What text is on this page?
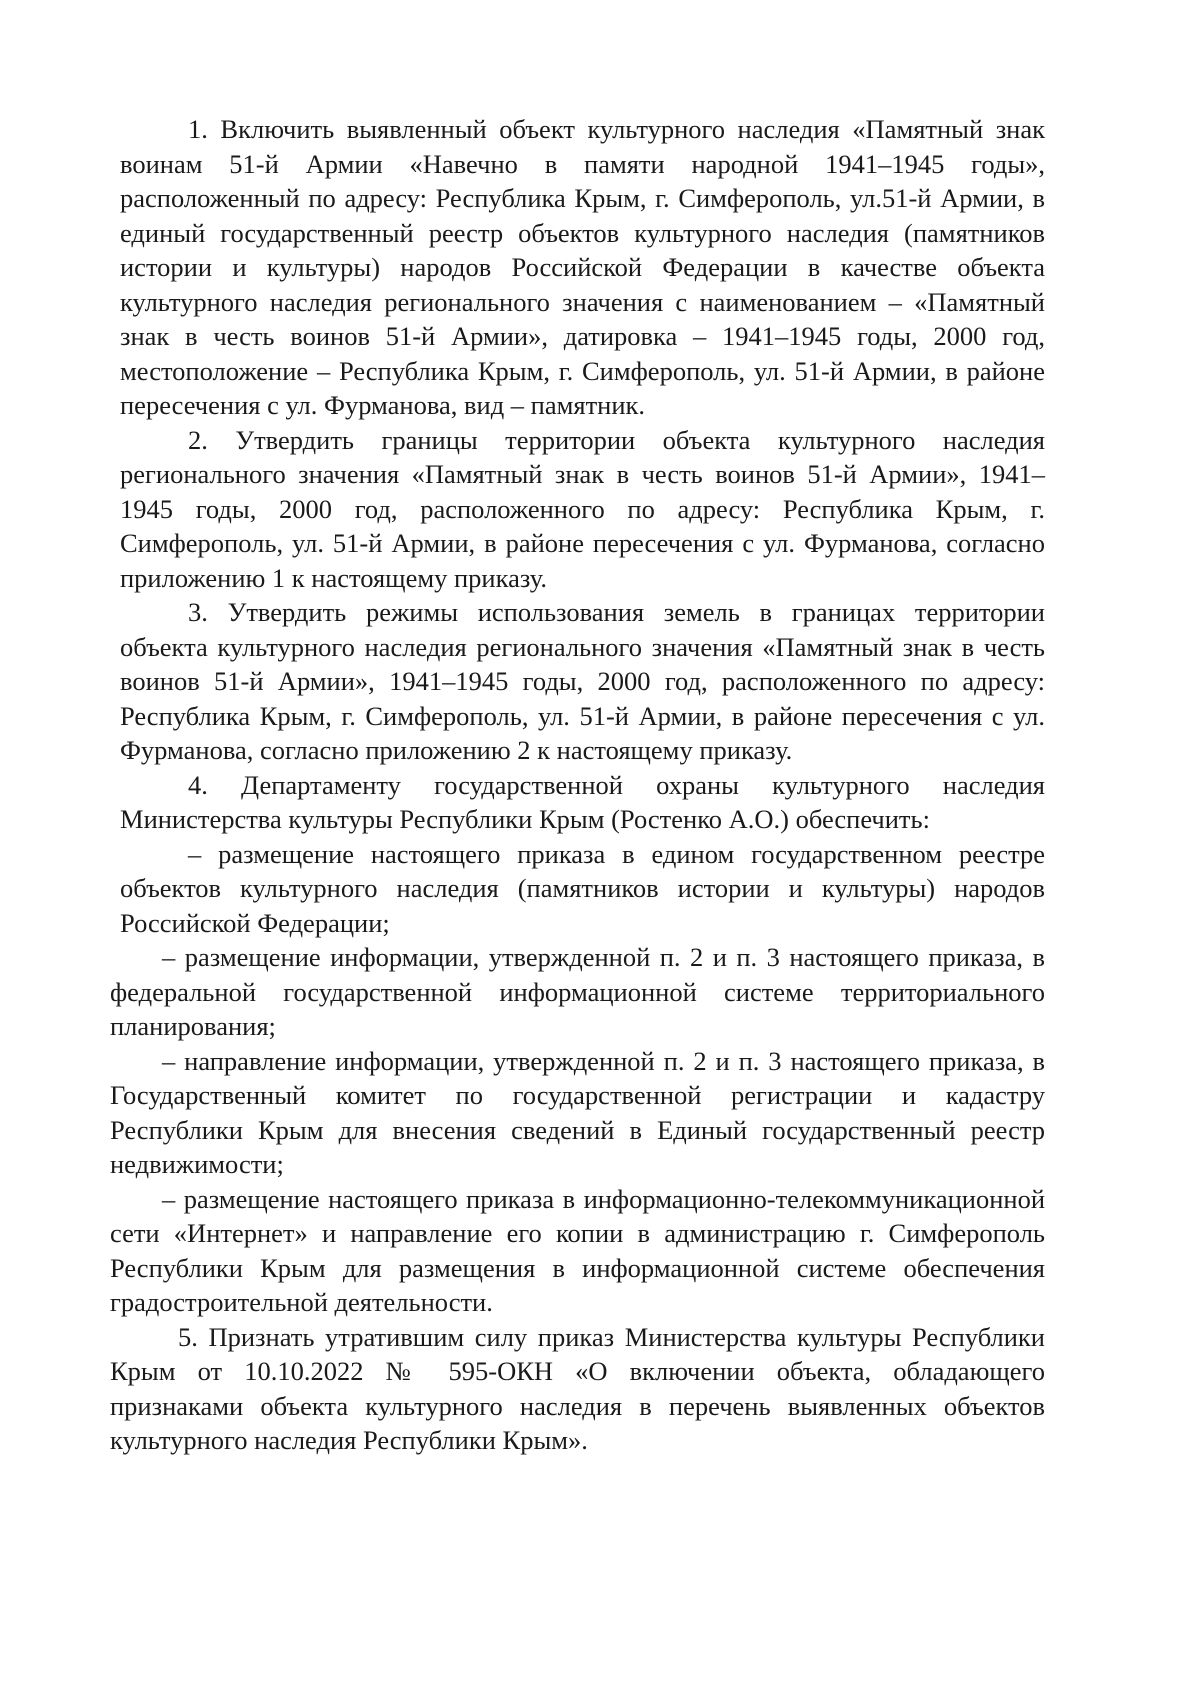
1. Включить выявленный объект культурного наследия «Памятный знак воинам 51-й Армии «Навечно в памяти народной 1941–1945 годы», расположенный по адресу: Республика Крым, г. Симферополь, ул.51-й Армии, в единый государственный реестр объектов культурного наследия (памятников истории и культуры) народов Российской Федерации в качестве объекта культурного наследия регионального значения с наименованием – «Памятный знак в честь воинов 51-й Армии», датировка – 1941–1945 годы, 2000 год, местоположение – Республика Крым, г. Симферополь, ул. 51-й Армии, в районе пересечения с ул. Фурманова, вид – памятник.

2. Утвердить границы территории объекта культурного наследия регионального значения «Памятный знак в честь воинов 51-й Армии», 1941–1945 годы, 2000 год, расположенного по адресу: Республика Крым, г. Симферополь, ул. 51-й Армии, в районе пересечения с ул. Фурманова, согласно приложению 1 к настоящему приказу.

3. Утвердить режимы использования земель в границах территории объекта культурного наследия регионального значения «Памятный знак в честь воинов 51-й Армии», 1941–1945 годы, 2000 год, расположенного по адресу: Республика Крым, г. Симферополь, ул. 51-й Армии, в районе пересечения с ул. Фурманова, согласно приложению 2 к настоящему приказу.

4. Департаменту государственной охраны культурного наследия Министерства культуры Республики Крым (Ростенко А.О.) обеспечить:

– размещение настоящего приказа в едином государственном реестре объектов культурного наследия (памятников истории и культуры) народов Российской Федерации;

– размещение информации, утвержденной п. 2 и п. 3 настоящего приказа, в федеральной государственной информационной системе территориального планирования;

– направление информации, утвержденной п. 2 и п. 3 настоящего приказа, в Государственный комитет по государственной регистрации и кадастру Республики Крым для внесения сведений в Единый государственный реестр недвижимости;

– размещение настоящего приказа в информационно-телекоммуникационной сети «Интернет» и направление его копии в администрацию г. Симферополь Республики Крым для размещения в информационной системе обеспечения градостроительной деятельности.

5. Признать утратившим силу приказ Министерства культуры Республики Крым от 10.10.2022 № 595-ОКН «О включении объекта, обладающего признаками объекта культурного наследия в перечень выявленных объектов культурного наследия Республики Крым».
